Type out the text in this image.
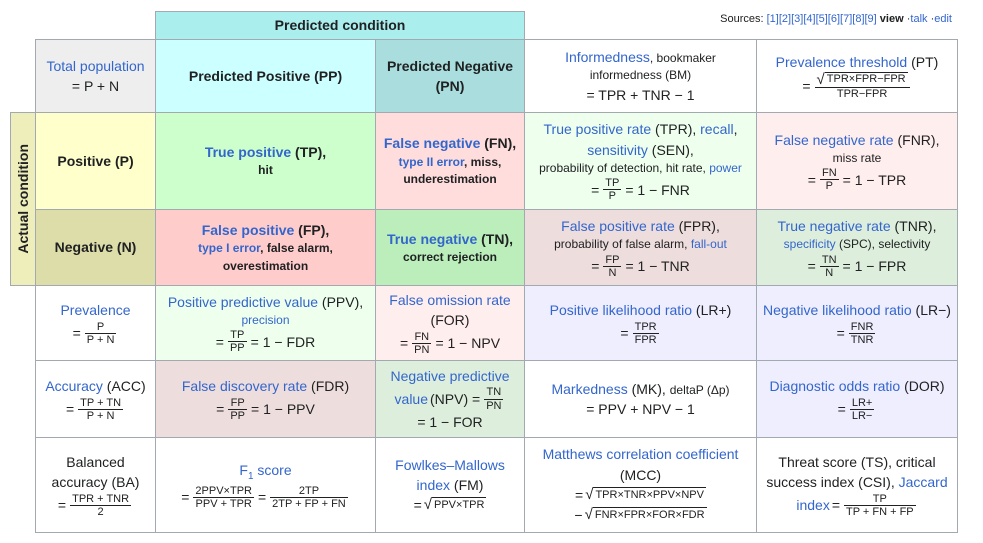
Sources: [1][2][3][4][5][6][7][8][9] view ·talk ·edit
Predicted condition
Actual condition
Total population
= P + N
Predicted Positive (PP)
Predicted Negative (PN)
Informedness, bookmaker
informedness (BM)
= TPR + TNR − 1
Prevalence threshold (PT)
= $\frac{\text{√ TPR×FPR−FPR}}{\text{TPR−FPR}}$
Positive (P)
True positive (TP),
hit
False negative (FN),
type II error, miss,
underestimation
True positive rate (TPR), recall,
sensitivity (SEN),
probability of detection, hit rate, power
= $\frac{TP}{P} = 1$ − FNR
False negative rate (FNR),
miss rate
= $\frac{FN}{P} = 1$ − TPR
Negative (N)
False positive (FP),
type I error, false alarm,
overestimation
True negative (TN),
correct rejection
False positive rate (FPR),
probability of false alarm, fall-out
= $\frac{FP}{N} = 1$ − TNR
True negative rate (TNR),
specificity (SPC), selectivity
= $\frac{TN}{N} = 1$ − FPR
Prevalence
= $\frac{P}{P + N}$
Positive predictive value (PPV),
precision
= $\frac{TP}{PP} = 1$ − FDR
False omission rate
(FOR)
= $\frac{FN}{PN} = 1$ − NPV
Positive likelihood ratio (LR+)
= $\frac{\text{TPR}}{\text{FPR}}$
Negative likelihood ratio (LR−)
= $\frac{\text{FNR}}{\text{TNR}}$
Accuracy (ACC)
= $\frac{TP + TN}{P + N}$
False discovery rate (FDR)
= $\frac{FP}{PP} = 1$ − PPV
Negative predictive
value $(NPV) = \frac{TN}{PN}$
= 1 − FOR
Markedness (MK), deltaP (Δp)
= PPV + NPV − 1
Diagnostic odds ratio (DOR)
= $\frac{LR+}{LR-}$
Balanced
accuracy (BA)
= $\frac{\text{TPR + TNR}}{2}$
$F_1$ score
= $\frac{\text{2PPV×TPR}}{\text{PPV + TPR}} = \frac{2TP}{2TP + FP + FN}$
Fowlkes–Mallows
index (FM)
= √ PPV×TPR
Matthews correlation coefficient
(MCC)
= √ TPR×TNR×PPV×NPV
− √ FNR×FPR×FOR×FDR
Threat score (TS), critical
success index (CSI), Jaccard
index = $\frac{TP}{TP + FN + FP}$
